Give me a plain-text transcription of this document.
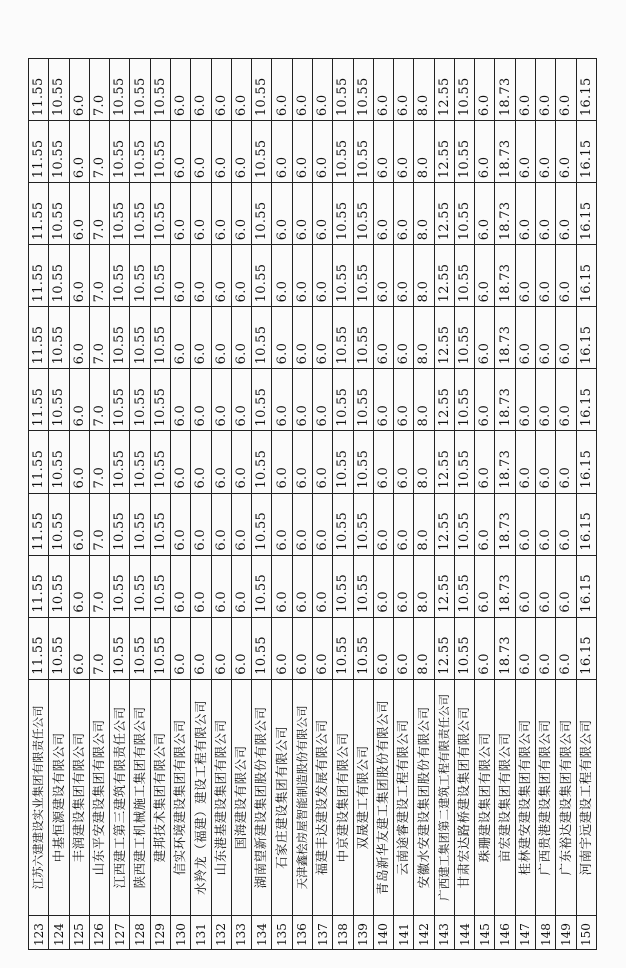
123	江苏六建建设实业集团有限责任公司	11.55	11.55	11.55	11.55	11.55	11.55	11.55	11.55	11.55	11.55
124	中基恒源建设有限公司	10.55	10.55	10.55	10.55	10.55	10.55	10.55	10.55	10.55	10.55
125	丰润建设集团有限公司	6.0	6.0	6.0	6.0	6.0	6.0	6.0	6.0	6.0	6.0
126	山东平安建设集团有限公司	7.0	7.0	7.0	7.0	7.0	7.0	7.0	7.0	7.0	7.0
127	江西建工第三建筑有限责任公司	10.55	10.55	10.55	10.55	10.55	10.55	10.55	10.55	10.55	10.55
128	陕西建工机械施工集团有限公司	10.55	10.55	10.55	10.55	10.55	10.55	10.55	10.55	10.55	10.55
129	建邦技术集团有限公司	10.55	10.55	10.55	10.55	10.55	10.55	10.55	10.55	10.55	10.55
130	信实环境建设集团有限公司	6.0	6.0	6.0	6.0	6.0	6.0	6.0	6.0	6.0	6.0
131	水羚龙（福建）建设工程有限公司	6.0	6.0	6.0	6.0	6.0	6.0	6.0	6.0	6.0	6.0
132	山东港基建设集团有限公司	6.0	6.0	6.0	6.0	6.0	6.0	6.0	6.0	6.0	6.0
133	国海建设有限公司	6.0	6.0	6.0	6.0	6.0	6.0	6.0	6.0	6.0	6.0
134	湖南望新建设集团股份有限公司	10.55	10.55	10.55	10.55	10.55	10.55	10.55	10.55	10.55	10.55
135	石家庄建设集团有限公司	6.0	6.0	6.0	6.0	6.0	6.0	6.0	6.0	6.0	6.0
136	天津鑫桧房屋智能制造股份有限公司	6.0	6.0	6.0	6.0	6.0	6.0	6.0	6.0	6.0	6.0
137	福建丰达建设发展有限公司	6.0	6.0	6.0	6.0	6.0	6.0	6.0	6.0	6.0	6.0
138	中京建设集团有限公司	10.55	10.55	10.55	10.55	10.55	10.55	10.55	10.55	10.55	10.55
139	双晟建工有限公司	10.55	10.55	10.55	10.55	10.55	10.55	10.55	10.55	10.55	10.55
140	青岛新华友建工集团股份有限公司	6.0	6.0	6.0	6.0	6.0	6.0	6.0	6.0	6.0	6.0
141	云南途睿建设工程有限公司	6.0	6.0	6.0	6.0	6.0	6.0	6.0	6.0	6.0	6.0
142	安徽水安建设集团股份有限公司	8.0	8.0	8.0	8.0	8.0	8.0	8.0	8.0	8.0	8.0
143	广西建工集团第二建筑工程有限责任公司	12.55	12.55	12.55	12.55	12.55	12.55	12.55	12.55	12.55	12.55
144	甘肃宏达路桥建设集团有限公司	10.55	10.55	10.55	10.55	10.55	10.55	10.55	10.55	10.55	10.55
145	珠珊建设集团有限公司	6.0	6.0	6.0	6.0	6.0	6.0	6.0	6.0	6.0	6.0
146	亩宏建设集团有限公司	18.73	18.73	18.73	18.73	18.73	18.73	18.73	18.73	18.73	18.73
147	桂林建安建设集团有限公司	6.0	6.0	6.0	6.0	6.0	6.0	6.0	6.0	6.0	6.0
148	广西贵港建设集团有限公司	6.0	6.0	6.0	6.0	6.0	6.0	6.0	6.0	6.0	6.0
149	广东裕达建设集团有限公司	6.0	6.0	6.0	6.0	6.0	6.0	6.0	6.0	6.0	6.0
150	河南宇远建设工程有限公司	16.15	16.15	16.15	16.15	16.15	16.15	16.15	16.15	16.15	16.15
